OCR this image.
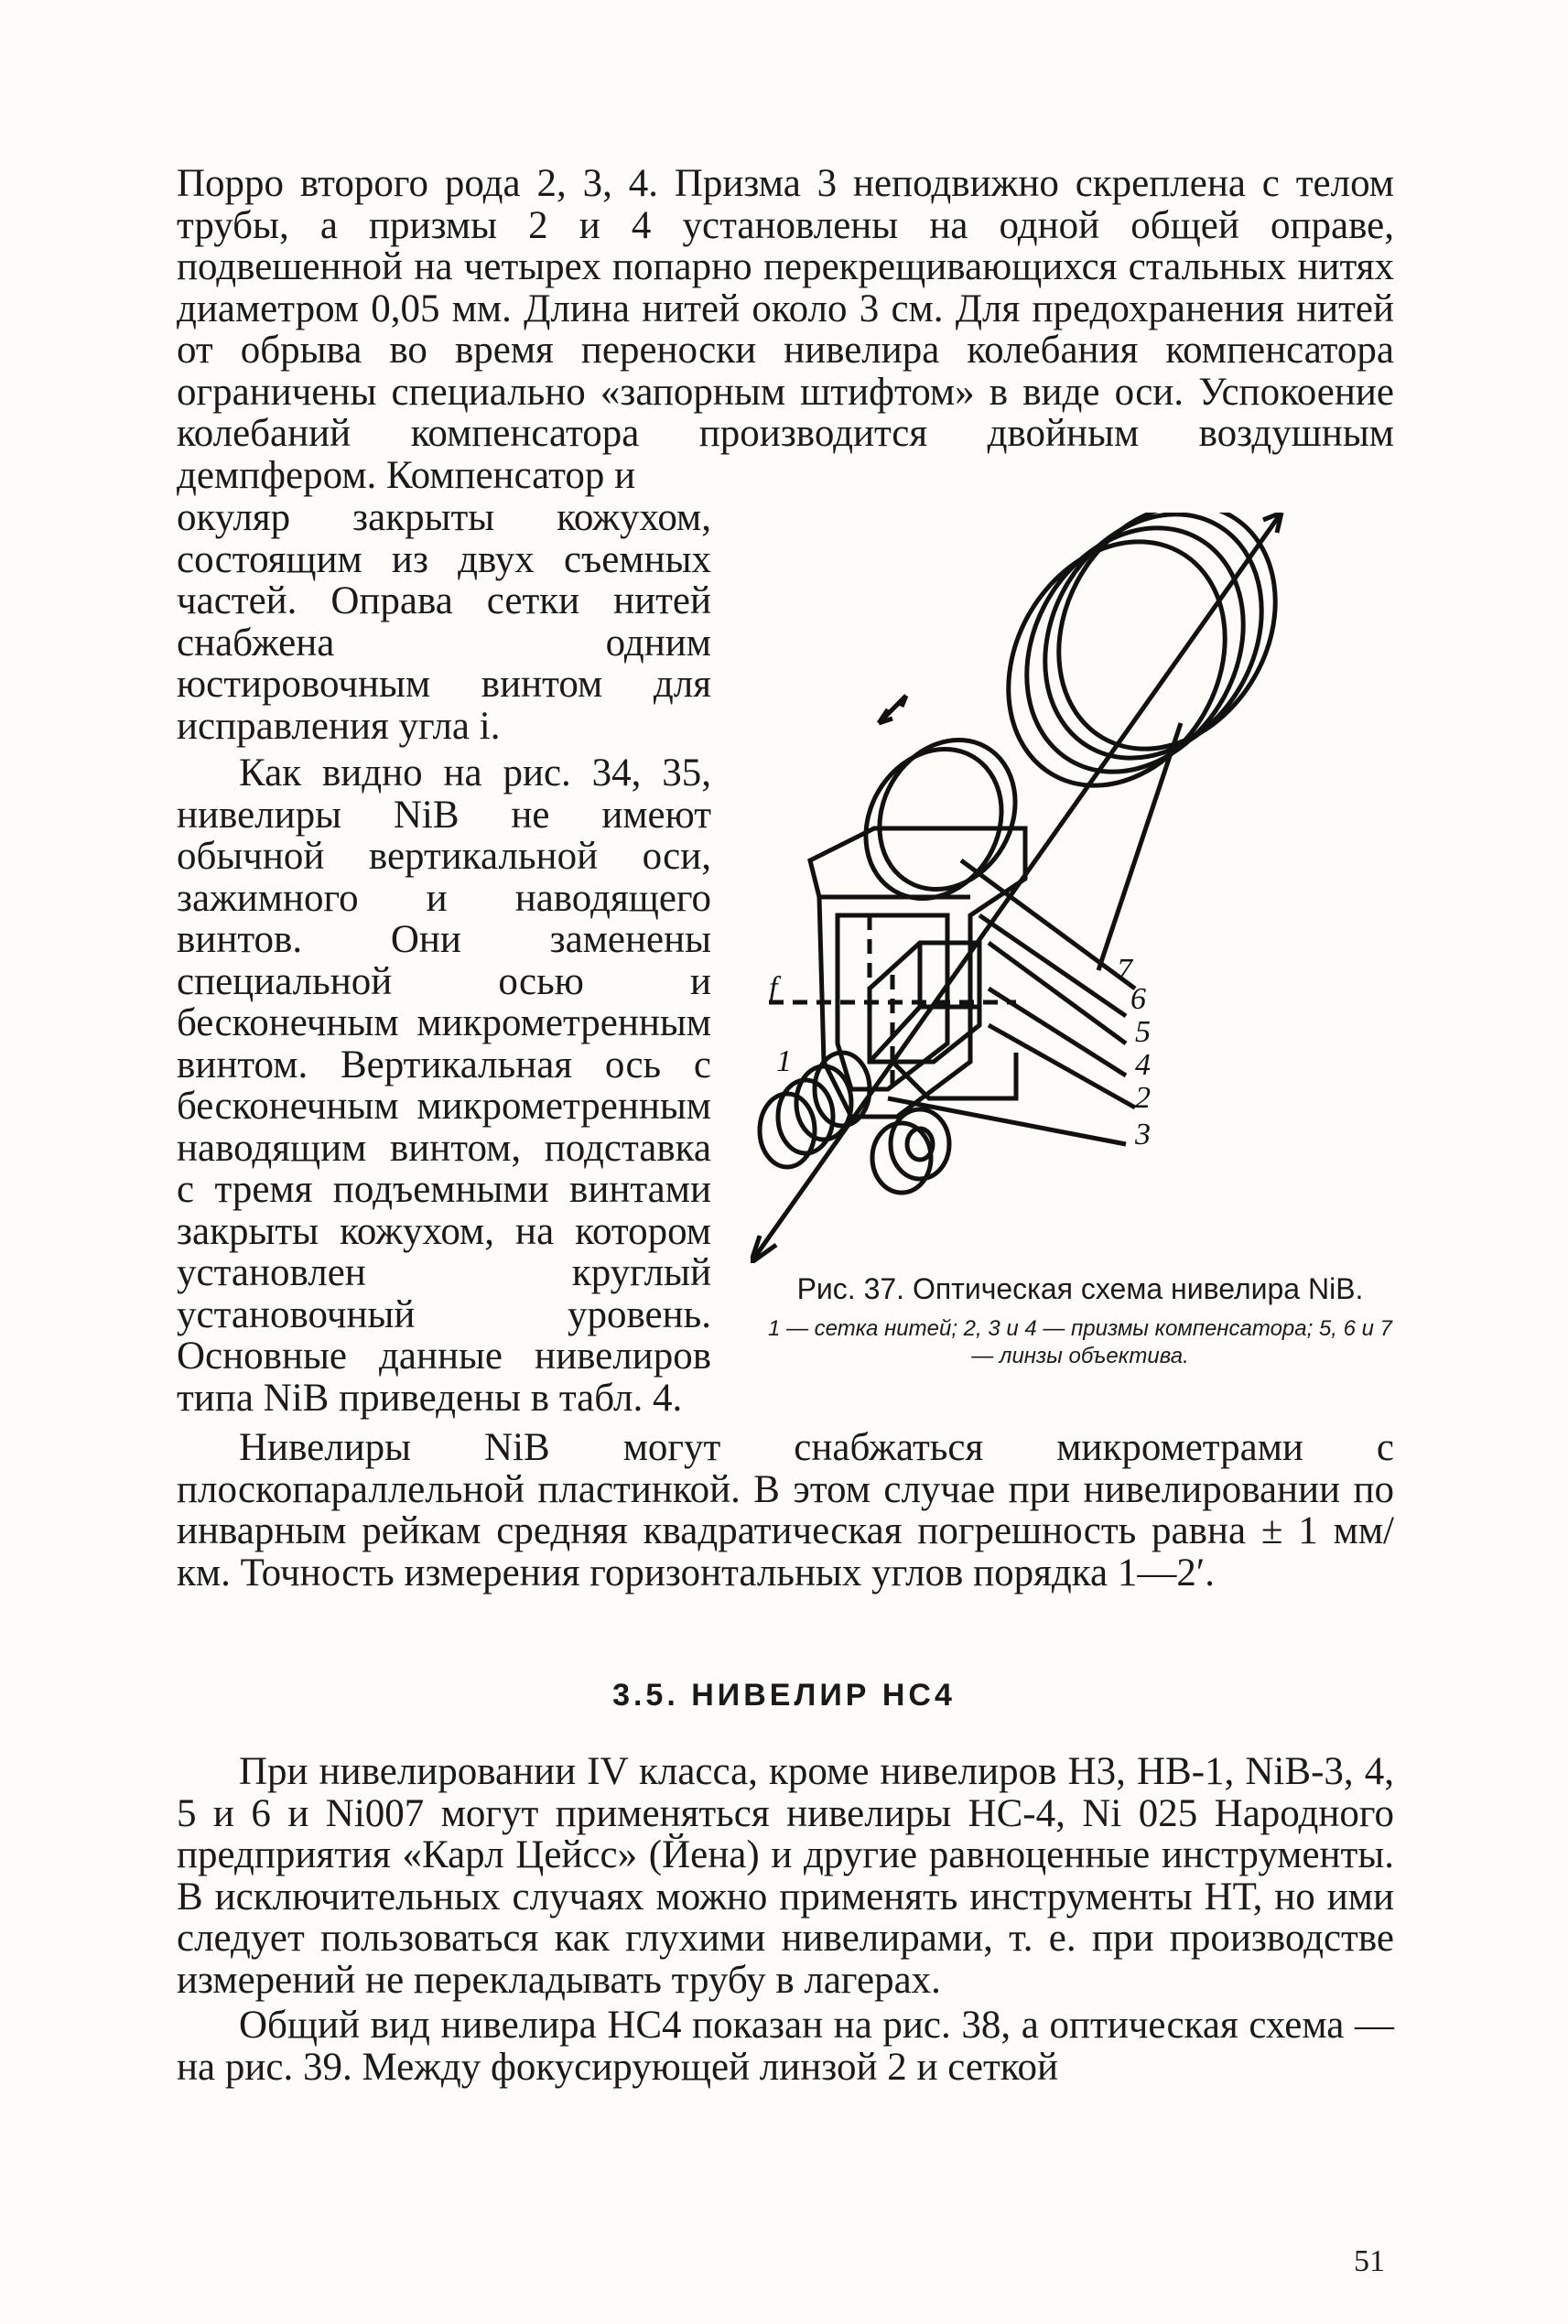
Порро второго рода 2, 3, 4. Призма 3 неподвижно скреплена с телом трубы, а призмы 2 и 4 установлены на одной общей оправе, подвешенной на четырех попарно перекрещивающихся стальных нитях диаметром 0,05 мм. Длина нитей около 3 см. Для предохранения нитей от обрыва во время переноски нивелира колебания компенсатора ограничены специально «запорным штифтом» в виде оси. Успокоение колебаний компенсатора производится двойным воздушным демпфером. Компенсатор и

окуляр закрыты кожухом, состоящим из двух съемных частей. Оправа сетки нитей снабжена одним юстировочным винтом для исправления угла i.

Как видно на рис. 34, 35, нивелиры NiB не имеют обычной вертикальной оси, зажимного и наводящего винтов. Они заменены специальной осью и бесконечным микрометренным винтом. Вертикальная ось с бесконечным микрометренным наводящим винтом, подставка с тремя подъемными винтами закрыты кожухом, на котором установлен круглый установочный уровень. Основные данные нивелиров типа NiB приведены в табл. 4.

7
6
5
4
2
3
1
f

Рис. 37. Оптическая схема нивелира NiB.

1 — сетка нитей; 2, 3 и 4 — призмы компенсатора; 5, 6 и 7 — линзы объектива.

Нивелиры NiB могут снабжаться микрометрами с плоскопараллельной пластинкой. В этом случае при нивелировании по инварным рейкам средняя квадратическая погрешность равна ± 1 мм/км. Точность измерения горизонтальных углов порядка 1—2′.

3.5. НИВЕЛИР НС4

При нивелировании IV класса, кроме нивелиров Н3, НВ-1, NiB-3, 4, 5 и 6 и Ni007 могут применяться нивелиры НС-4, Ni 025 Народного предприятия «Карл Цейсс» (Йена) и другие равноценные инструменты. В исключительных случаях можно применять инструменты НТ, но ими следует пользоваться как глухими нивелирами, т. е. при производстве измерений не перекладывать трубу в лагерах.

Общий вид нивелира НС4 показан на рис. 38, а оптическая схема — на рис. 39. Между фокусирующей линзой 2 и сеткой

51
